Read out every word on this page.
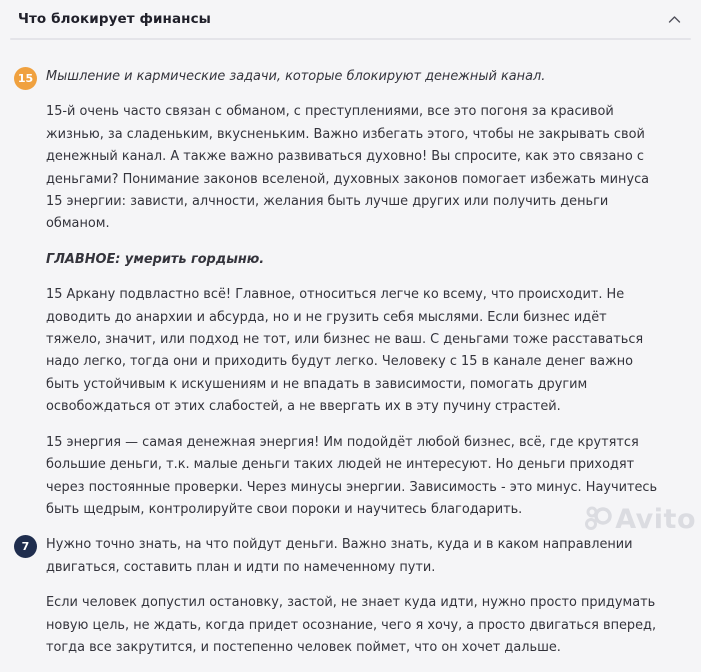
Что блокирует финансы
15 Мышление и кармические задачи, которые блокируют денежный канал.

15-й очень часто связан с обманом, с преступлениями, все это погоня за красивой жизнью, за сладеньким, вкусненьким. Важно избегать этого, чтобы не закрывать свой денежный канал. А также важно развиваться духовно! Вы спросите, как это связано с деньгами? Понимание законов вселеной, духовных законов помогает избежать минуса 15 энергии: зависти, алчности, желания быть лучше других или получить деньги обманом.

ГЛАВНОЕ: умерить гордыню.

15 Аркану подвластно всё! Главное, относиться легче ко всему, что происходит. Не доводить до анархии и абсурда, но и не грузить себя мыслями. Если бизнес идёт тяжело, значит, или подход не тот, или бизнес не ваш. С деньгами тоже расставаться надо легко, тогда они и приходить будут легко. Человеку с 15 в канале денег важно быть устойчивым к искушениям и не впадать в зависимости, помогать другим освобождаться от этих слабостей, а не ввергать их в эту пучину страстей.

15 энергия — самая денежная энергия! Им подойдёт любой бизнес, всё, где крутятся большие деньги, т.к. малые деньги таких людей не интересуют. Но деньги приходят через постоянные проверки. Через минусы энергии. Зависимость - это минус. Научитесь быть щедрым, контролируйте свои пороки и научитесь благодарить.

7	Нужно точно знать, на что пойдут деньги. Важно знать, куда и в каком направлении двигаться, составить план и идти по намеченному пути.

Если человек допустил остановку, застой, не знает куда идти, нужно просто придумать новую цель, не ждать, когда придет осознание, чего я хочу, а просто двигаться вперед, тогда все закрутится, и постепенно человек поймет, что он хочет дальше.

Avito
